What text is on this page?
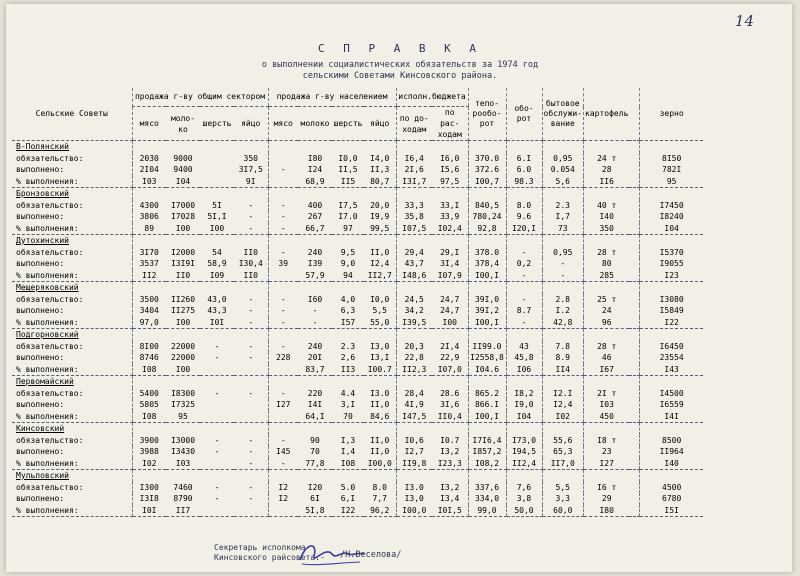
14
С П Р А В К А
о выполнении социалистических обязательств за 1974 год
сельскими Советами Кинсовского района.
Сельские Советы	продажа г-ву общим сектором				продажа г-ву населением				исполн.бюджета		тепо-рообо-рот	обо-рот	бытовое обслужи-вание	картофель		зерно
	мясо	моло-ко	шерсть	яйцо	мясо	молоко	шерсть	яйцо	по до-ходам	по рас-ходам						
В-Полянский																
обязательство:	2030	9000		350		I80	I0,0	I4,0	I6,4	I6,0	370.0	6.I	0,95	24 т		8I50
выполнено:	2I04	9400		3I7,5	-	I24	II,5	II,3	2I,6	I5,6	372.6	6.0	0.054	28		782I
% выполнения:	I03	I04		9I		68,9	II5	80,7	I3I,7	97,5	I00,7	98.3	5,6	II6		95
Бронзовский																
обязательство:	4300	I7000	5I	-	-	400	I7,5	20,0	33,3	33,I	840,5	8.0	2.3	40 т		I7450
выполнено:	3806	I7028	5I,I	-	-	267	I7.0	I9,9	35,8	33,9	780,24	9.6	I,7	I40		I8240
% выполнения:	89	I00	I00	-	-	66,7	97	99,5	I07,5	I02,4	92,8	I20,I	73	350		I04
Дутохинский																
обязательство:	3I70	I2000	54	II0	-	240	9,5	II,0	29,4	29,I	378.0	-	0,95	28 т		I5370
выполнено:	3537	I3I9I	58,9	I30,4	39	I39	9,0	I2,4	43,7	3I,4	378,4	0,2	-	80		I9055
% выполнения:	II2	II0	I09	II0		57,9	94	II2,7	I48,6	I07,9	I00,I	-	-	285		I23
Мещеряковский																
обязательство:	3500	II260	43,0	-	-	I60	4,0	I0,0	24,5	24,7	39I,0	-	2.8	25 т		I3080
выполнено:	3404	II275	43,3	-	-	-	6,3	5,5	34,2	24,7	39I,2	8.7	I.2	24		I5849
% выполнения:	97,0	I00	I0I	-	-	-	I57	55,0	I39,5	I00	I00,I	-	42,8	96		I22
Подгорновский																
обязательство:	8I00	22000	-	-	-	240	2.3	I3,0	20,3	2I,4	II99.0	43	7.8	28 т		I6450
выполнено:	8746	22000	-	-	228	20I	2,6	I3,I	22,8	22,9	I2558,8	45,8	8.9	46		23554
% выполнения:	I08	I00				83,7	II3	I00.7	II2,3	I07,0	I04.6	I06	II4	I67		I43
Первомайский																
обязательство:	5400	I8300	-	-	-	220	4.4	I3.0	28,4	28.6	865.2	I8,2	I2.I	2I т		I4500
выполнено:	5805	I7325			I27	I4I	3,I	II,0	4I,9	3I,6	866.I	I9,0	I2,4	I03		I6559
% выполнения:	I08	95				64,I	70	84,6	I47,5	II0,4	I00,I	I04	I02	450		I4I
Кинсовский																
обязательство:	3900	I3000	-	-	-	90	I,3	II,0	I0,6	I0.7	I7I6,4	I73,0	55,6	I8 т		8500
выполнено:	3988	I3430	-	-	I45	70	I,4	II,0	I2,7	I3,2	I857,2	I94,5	65,3	23		II964
% выполнения:	I02	I03		-	-	77,8	I08	I00,0	II9,8	I23,3	I08,2	II2,4	II7,0	I27		I40
Мульповский																
обязательство:	I300	7460	-	-	I2	I20	5.0	8.0	I3.0	I3,2	337,6	7,6	5,5	I6 т		4500
выполнено:	I3I8	8790	-	-	I2	6I	6,I	7,7	I3,0	I3,4	334,0	3,8	3,3	29		6780
% выполнения:	I0I	II7				5I,8	I22	96,2	I00,0	I0I,5	99,0	50,0	60,0	I80		I5I
Секретарь исполкома
Кинсовского райсовета:- /Н.Веселова/
